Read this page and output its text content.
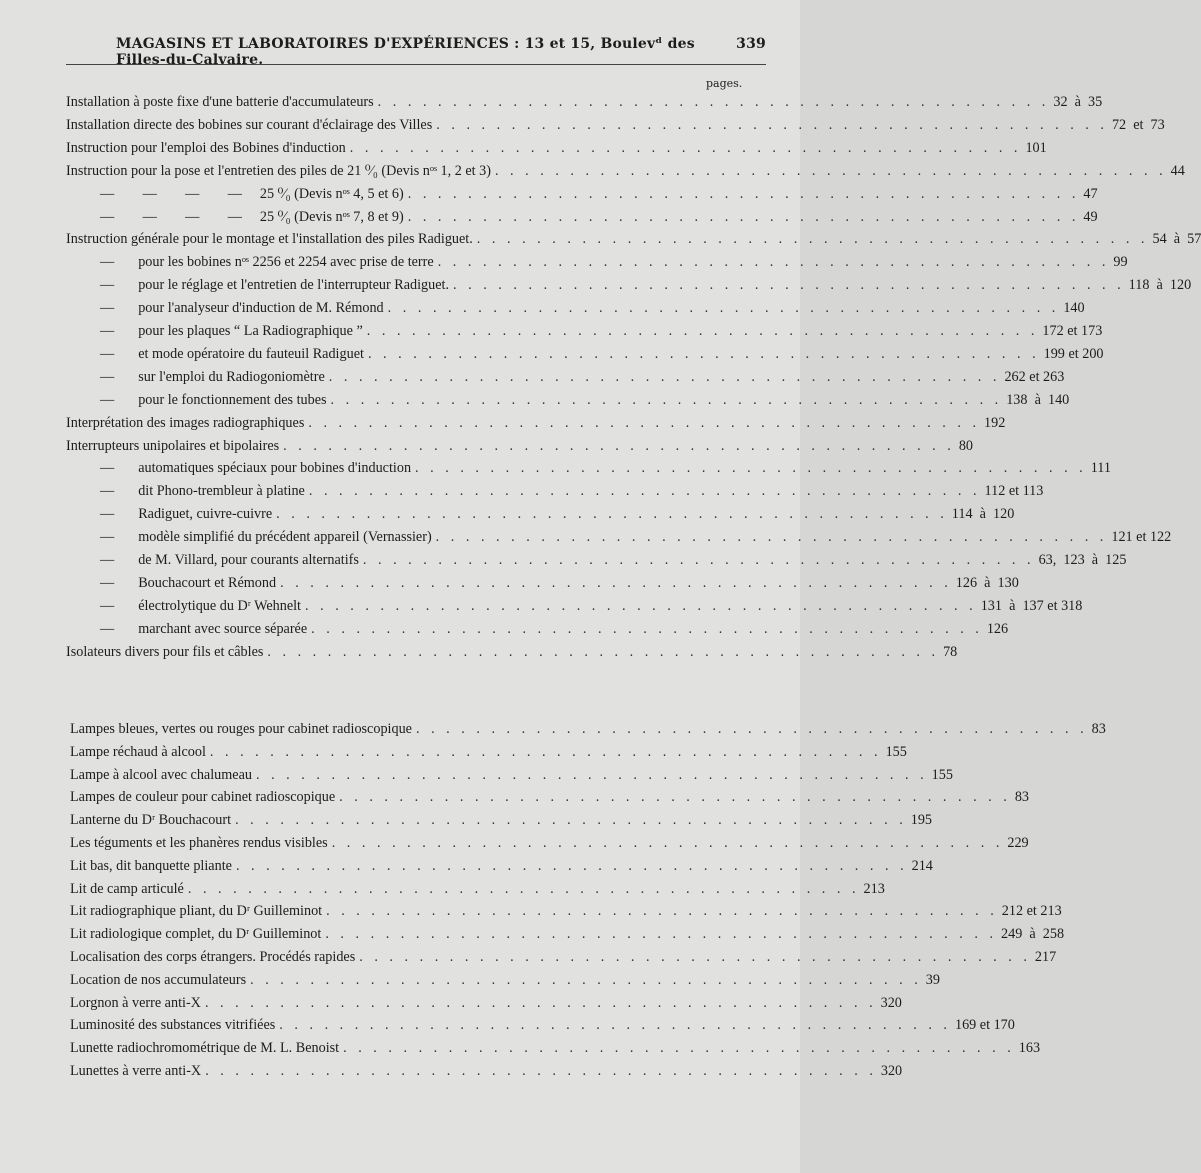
MAGASINS ET LABORATOIRES D'EXPÉRIENCES : 13 et 15, Boulevᵈ des Filles-du-Calvaire.
339
pages.
Installation à poste fixe d'une batterie d'accumulateurs . . . . . . . . . . . . . . . . . . . . . . . . . . . . . . . . . . . . . . . . . . . . . 32  à  35
Installation directe des bobines sur courant d'éclairage des Villes . . . . . . . . . . . . . . . . . . . . . . . . . . . . . . . . . . . . . . . . . . . . . 72  et  73
Instruction pour l'emploi des Bobines d'induction . . . . . . . . . . . . . . . . . . . . . . . . . . . . . . . . . . . . . . . . . . . . . 101
Instruction pour la pose et l'entretien des piles de 21 ⁰⁄₀ (Devis nᵒˢ 1, 2 et 3) . . . . . . . . . . . . . . . . . . . . . . . . . . . . . . . . . . . . . . . . . . . . . 44
—        —        —        — 25 ⁰⁄₀ (Devis nᵒˢ 4, 5 et 6) . . . . . . . . . . . . . . . . . . . . . . . . . . . . . . . . . . . . . . . . . . . . . 47
—        —        —        — 25 ⁰⁄₀ (Devis nᵒˢ 7, 8 et 9) . . . . . . . . . . . . . . . . . . . . . . . . . . . . . . . . . . . . . . . . . . . . . 49
Instruction générale pour le montage et l'installation des piles Radiguet. . . . . . . . . . . . . . . . . . . . . . . . . . . . . . . . . . . . . . . . . . . . . . 54  à  57
— pour les bobines nᵒˢ 2256 et 2254 avec prise de terre . . . . . . . . . . . . . . . . . . . . . . . . . . . . . . . . . . . . . . . . . . . . . 99
— pour le réglage et l'entretien de l'interrupteur Radiguet. . . . . . . . . . . . . . . . . . . . . . . . . . . . . . . . . . . . . . . . . . . . . . 118  à  120
— pour l'analyseur d'induction de M. Rémond . . . . . . . . . . . . . . . . . . . . . . . . . . . . . . . . . . . . . . . . . . . . . 140
— pour les plaques “ La Radiographique ” . . . . . . . . . . . . . . . . . . . . . . . . . . . . . . . . . . . . . . . . . . . . . 172 et 173
— et mode opératoire du fauteuil Radiguet . . . . . . . . . . . . . . . . . . . . . . . . . . . . . . . . . . . . . . . . . . . . . 199 et 200
— sur l'emploi du Radiogoniomètre . . . . . . . . . . . . . . . . . . . . . . . . . . . . . . . . . . . . . . . . . . . . . 262 et 263
— pour le fonctionnement des tubes . . . . . . . . . . . . . . . . . . . . . . . . . . . . . . . . . . . . . . . . . . . . . 138  à  140
Interprétation des images radiographiques . . . . . . . . . . . . . . . . . . . . . . . . . . . . . . . . . . . . . . . . . . . . . 192
Interrupteurs unipolaires et bipolaires . . . . . . . . . . . . . . . . . . . . . . . . . . . . . . . . . . . . . . . . . . . . . 80
— automatiques spéciaux pour bobines d'induction . . . . . . . . . . . . . . . . . . . . . . . . . . . . . . . . . . . . . . . . . . . . . 111
— dit Phono-trembleur à platine . . . . . . . . . . . . . . . . . . . . . . . . . . . . . . . . . . . . . . . . . . . . . 112 et 113
— Radiguet, cuivre-cuivre . . . . . . . . . . . . . . . . . . . . . . . . . . . . . . . . . . . . . . . . . . . . . 114  à  120
— modèle simplifié du précédent appareil (Vernassier) . . . . . . . . . . . . . . . . . . . . . . . . . . . . . . . . . . . . . . . . . . . . . 121 et 122
— de M. Villard, pour courants alternatifs . . . . . . . . . . . . . . . . . . . . . . . . . . . . . . . . . . . . . . . . . . . . . 63,  123  à  125
— Bouchacourt et Rémond . . . . . . . . . . . . . . . . . . . . . . . . . . . . . . . . . . . . . . . . . . . . . 126  à  130
— électrolytique du Dʳ Wehnelt . . . . . . . . . . . . . . . . . . . . . . . . . . . . . . . . . . . . . . . . . . . . . 131  à  137 et 318
— marchant avec source séparée . . . . . . . . . . . . . . . . . . . . . . . . . . . . . . . . . . . . . . . . . . . . . 126
Isolateurs divers pour fils et câbles . . . . . . . . . . . . . . . . . . . . . . . . . . . . . . . . . . . . . . . . . . . . . 78
Lampes bleues, vertes ou rouges pour cabinet radioscopique . . . . . . . . . . . . . . . . . . . . . . . . . . . . . . . . . . . . . . . . . . . . . 83
Lampe réchaud à alcool . . . . . . . . . . . . . . . . . . . . . . . . . . . . . . . . . . . . . . . . . . . . . 155
Lampe à alcool avec chalumeau . . . . . . . . . . . . . . . . . . . . . . . . . . . . . . . . . . . . . . . . . . . . . 155
Lampes de couleur pour cabinet radioscopique . . . . . . . . . . . . . . . . . . . . . . . . . . . . . . . . . . . . . . . . . . . . . 83
Lanterne du Dʳ Bouchacourt . . . . . . . . . . . . . . . . . . . . . . . . . . . . . . . . . . . . . . . . . . . . . 195
Les téguments et les phanères rendus visibles . . . . . . . . . . . . . . . . . . . . . . . . . . . . . . . . . . . . . . . . . . . . . 229
Lit bas, dit banquette pliante . . . . . . . . . . . . . . . . . . . . . . . . . . . . . . . . . . . . . . . . . . . . . 214
Lit de camp articulé . . . . . . . . . . . . . . . . . . . . . . . . . . . . . . . . . . . . . . . . . . . . . 213
Lit radiographique pliant, du Dʳ Guilleminot . . . . . . . . . . . . . . . . . . . . . . . . . . . . . . . . . . . . . . . . . . . . . 212 et 213
Lit radiologique complet, du Dʳ Guilleminot . . . . . . . . . . . . . . . . . . . . . . . . . . . . . . . . . . . . . . . . . . . . . 249  à  258
Localisation des corps étrangers. Procédés rapides . . . . . . . . . . . . . . . . . . . . . . . . . . . . . . . . . . . . . . . . . . . . . 217
Location de nos accumulateurs . . . . . . . . . . . . . . . . . . . . . . . . . . . . . . . . . . . . . . . . . . . . . 39
Lorgnon à verre anti-X . . . . . . . . . . . . . . . . . . . . . . . . . . . . . . . . . . . . . . . . . . . . . 320
Luminosité des substances vitrifiées . . . . . . . . . . . . . . . . . . . . . . . . . . . . . . . . . . . . . . . . . . . . . 169 et 170
Lunette radiochromométrique de M. L. Benoist . . . . . . . . . . . . . . . . . . . . . . . . . . . . . . . . . . . . . . . . . . . . . 163
Lunettes à verre anti-X . . . . . . . . . . . . . . . . . . . . . . . . . . . . . . . . . . . . . . . . . . . . . 320
